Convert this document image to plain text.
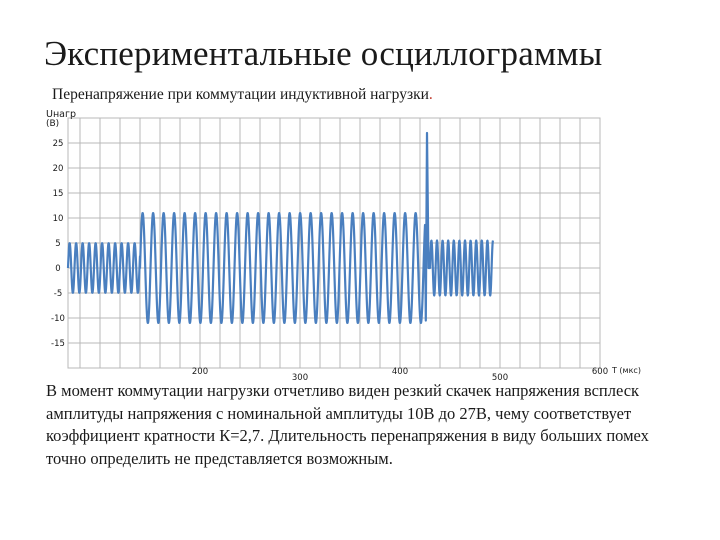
Экспериментальные осциллограммы

Перенапряжение при коммутации индуктивной нагрузки.

25
20
15
10
5
0
-5
-10
-15
200
300
400
500
600
Uнагр
(В)
T (мкс)

В момент коммутации нагрузки отчетливо виден резкий скачек напряжения всплеск амплитуды напряжения с номинальной амплитуды 10В до 27В, чему соответствует коэффициент кратности К=2,7. Длительность перенапряжения в виду больших помех точно определить не представляется возможным.
